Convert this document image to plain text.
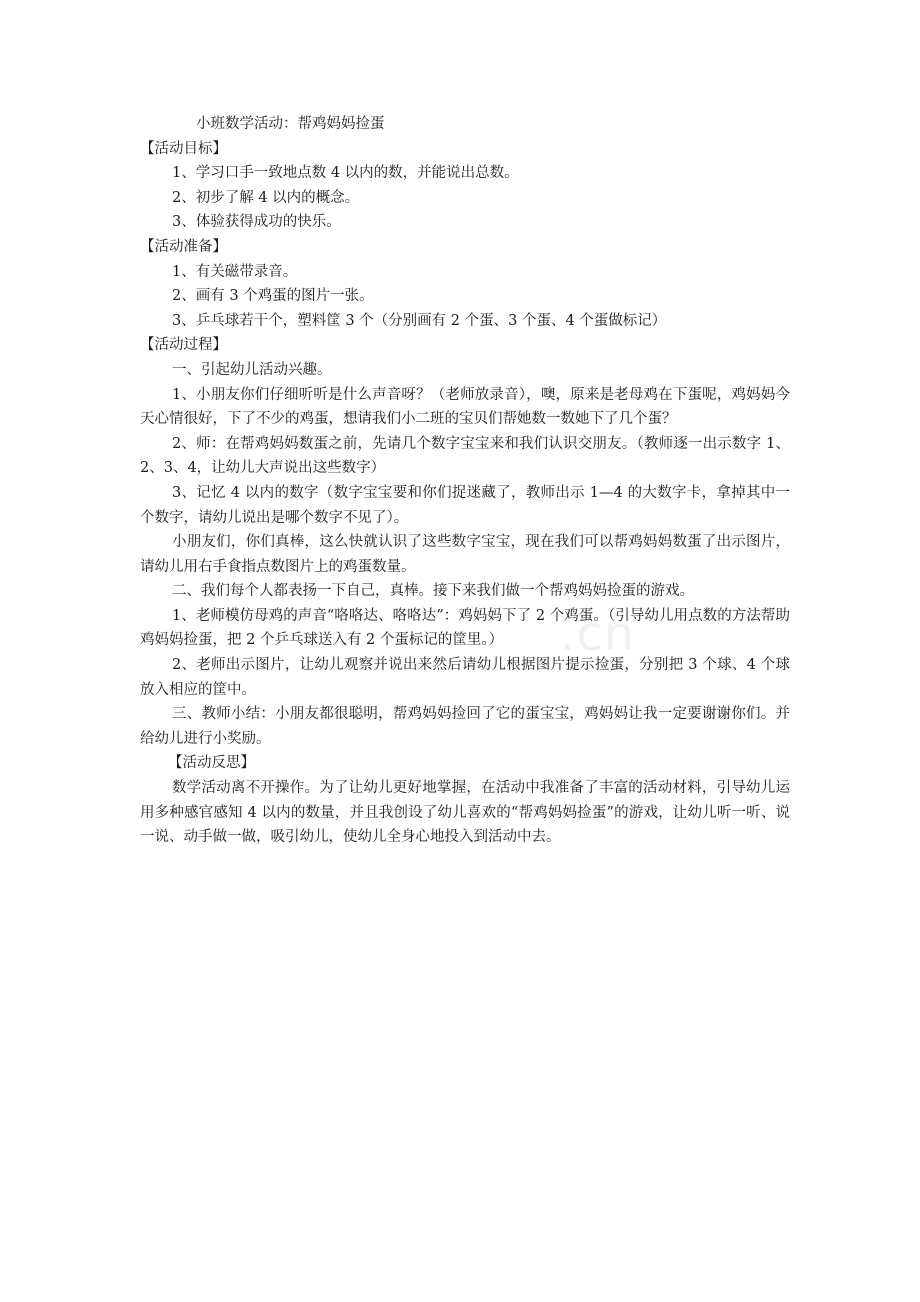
.cn

小班数学活动：帮鸡妈妈捡蛋

【活动目标】

1、学习口手一致地点数 4 以内的数，并能说出总数。

2、初步了解 4 以内的概念。

3、体验获得成功的快乐。

【活动准备】

1、有关磁带录音。

2、画有 3 个鸡蛋的图片一张。

3、乒乓球若干个，塑料筐 3 个（分别画有 2 个蛋、3 个蛋、4 个蛋做标记）

【活动过程】

一、引起幼儿活动兴趣。

1、小朋友你们仔细听听是什么声音呀？（老师放录音），噢，原来是老母鸡在下蛋呢，鸡妈妈今天心情很好，下了不少的鸡蛋，想请我们小二班的宝贝们帮她数一数她下了几个蛋？

2、师：在帮鸡妈妈数蛋之前，先请几个数字宝宝来和我们认识交朋友。（教师逐一出示数字 1、2、3、4，让幼儿大声说出这些数字）

3、记忆 4 以内的数字（数字宝宝要和你们捉迷藏了，教师出示 1—4 的大数字卡，拿掉其中一个数字，请幼儿说出是哪个数字不见了）。

小朋友们，你们真棒，这么快就认识了这些数字宝宝，现在我们可以帮鸡妈妈数蛋了出示图片，请幼儿用右手食指点数图片上的鸡蛋数量。

二、我们每个人都表扬一下自己，真棒。接下来我们做一个帮鸡妈妈捡蛋的游戏。

1、老师模仿母鸡的声音“咯咯达、咯咯达”：鸡妈妈下了 2 个鸡蛋。（引导幼儿用点数的方法帮助鸡妈妈捡蛋，把 2 个乒乓球送入有 2 个蛋标记的筐里。）

2、老师出示图片，让幼儿观察并说出来然后请幼儿根据图片提示捡蛋，分别把 3 个球、4 个球放入相应的筐中。

三、教师小结：小朋友都很聪明，帮鸡妈妈捡回了它的蛋宝宝，鸡妈妈让我一定要谢谢你们。并给幼儿进行小奖励。

【活动反思】

数学活动离不开操作。为了让幼儿更好地掌握，在活动中我准备了丰富的活动材料，引导幼儿运用多种感官感知 4 以内的数量，并且我创设了幼儿喜欢的“帮鸡妈妈捡蛋”的游戏，让幼儿听一听、说一说、动手做一做，吸引幼儿，使幼儿全身心地投入到活动中去。
